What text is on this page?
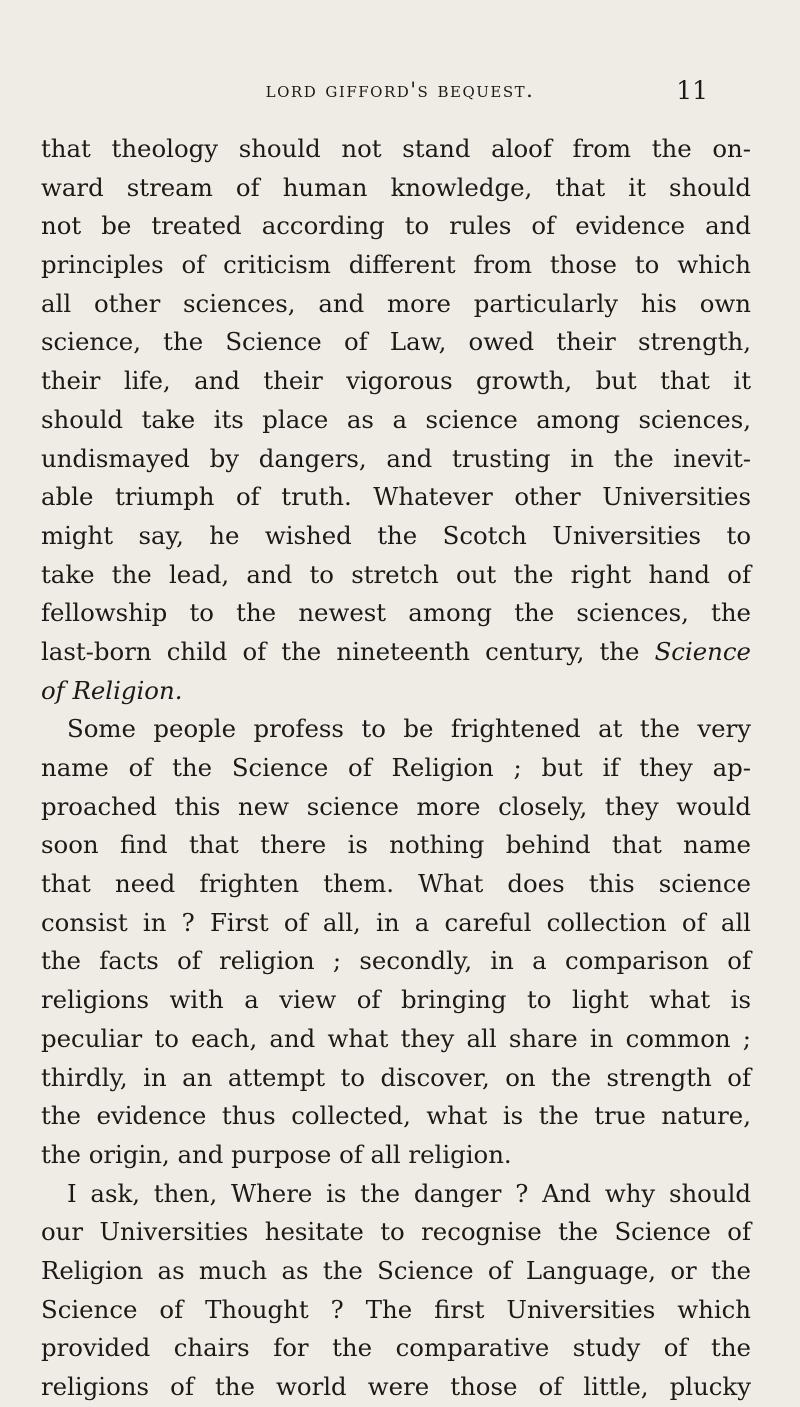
lord gifford's bequest.	11
that theology should not stand aloof from the on-
ward stream of human knowledge, that it should
not be treated according to rules of evidence and
principles of criticism different from those to which
all other sciences, and more particularly his own
science, the Science of Law, owed their strength,
their life, and their vigorous growth, but that it
should take its place as a science among sciences,
undismayed by dangers, and trusting in the inevit-
able triumph of truth. Whatever other Universities
might say, he wished the Scotch Universities to
take the lead, and to stretch out the right hand of
fellowship to the newest among the sciences, the
last-born child of the nineteenth century, the Science
of Religion.
Some people profess to be frightened at the very
name of the Science of Religion ; but if they ap-
proached this new science more closely, they would
soon find that there is nothing behind that name
that need frighten them. What does this science
consist in ? First of all, in a careful collection of all
the facts of religion ; secondly, in a comparison of
religions with a view of bringing to light what is
peculiar to each, and what they all share in common ;
thirdly, in an attempt to discover, on the strength of
the evidence thus collected, what is the true nature,
the origin, and purpose of all religion.
I ask, then, Where is the danger ? And why should
our Universities hesitate to recognise the Science of
Religion as much as the Science of Language, or the
Science of Thought ? The first Universities which
provided chairs for the comparative study of the
religions of the world were those of little, plucky
